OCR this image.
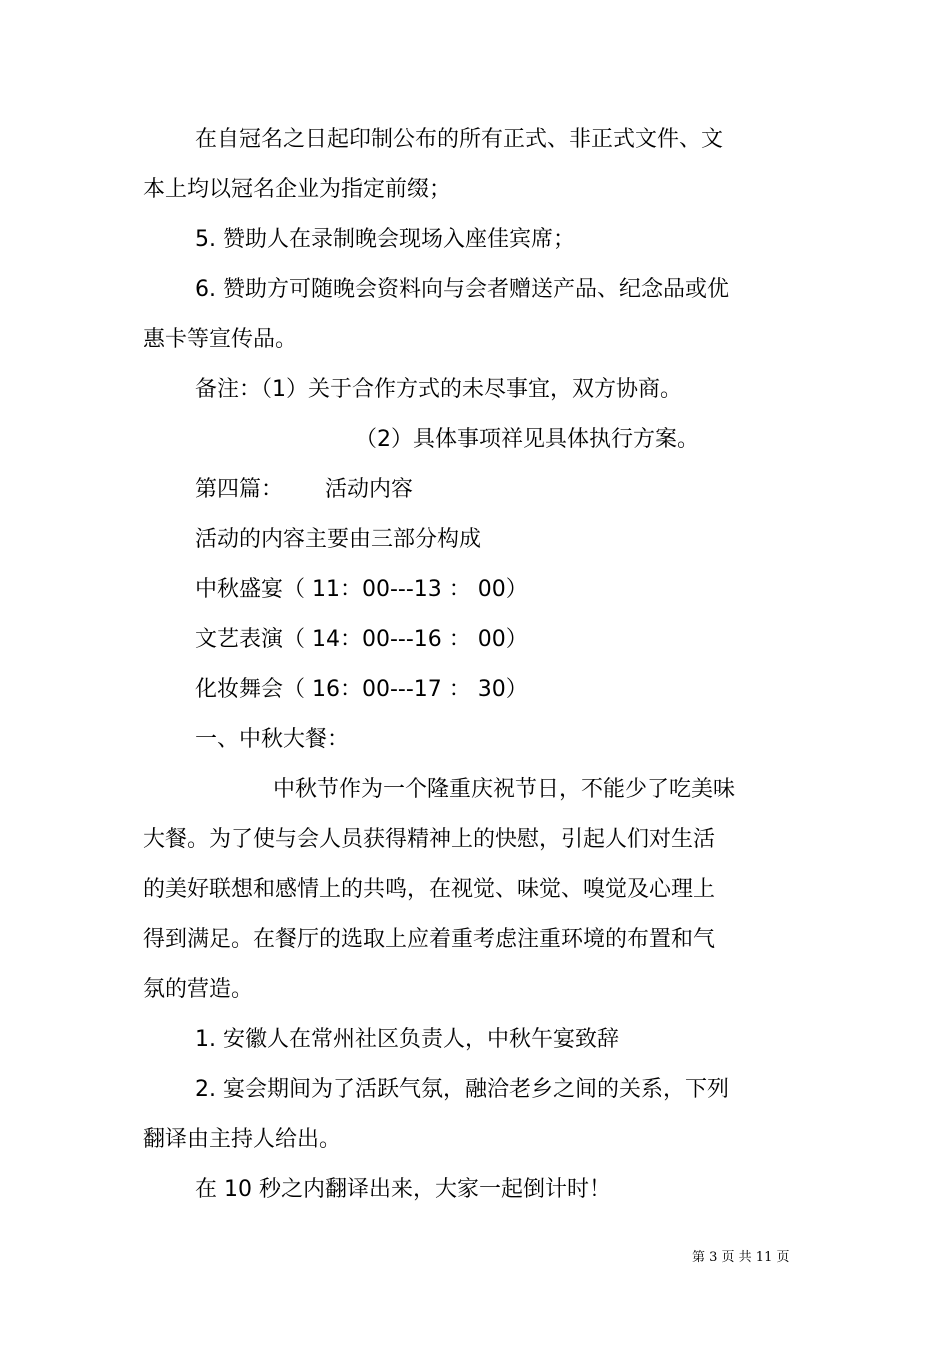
在自冠名之日起印制公布的所有正式、非正式文件、文

本上均以冠名企业为指定前缀；

5. 赞助人在录制晚会现场入座佳宾席；

6. 赞助方可随晚会资料向与会者赠送产品、纪念品或优

惠卡等宣传品。

备注：（1）关于合作方式的未尽事宜，双方协商。

（2）具体事项祥见具体执行方案。

第四篇：      活动内容

活动的内容主要由三部分构成

中秋盛宴（ 11：00---13 ： 00）

文艺表演（ 14：00---16 ： 00）

化妆舞会（ 16：00---17 ： 30）

一、中秋大餐：

中秋节作为一个隆重庆祝节日，不能少了吃美味

大餐。为了使与会人员获得精神上的快慰，引起人们对生活

的美好联想和感情上的共鸣，在视觉、味觉、嗅觉及心理上

得到满足。在餐厅的选取上应着重考虑注重环境的布置和气

氛的营造。

1. 安徽人在常州社区负责人，中秋午宴致辞

2. 宴会期间为了活跃气氛，融洽老乡之间的关系，下列

翻译由主持人给出。

在 10 秒之内翻译出来，大家一起倒计时！

第 3 页 共 11 页
